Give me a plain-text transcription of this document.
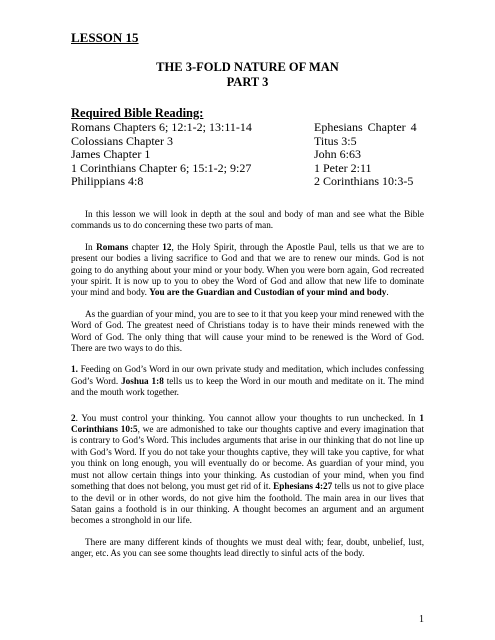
LESSON 15

THE 3-FOLD NATURE OF MAN
PART 3

Required Bible Reading:

Romans Chapters 6; 12:1-2; 13:11-14
Colossians Chapter 3
James Chapter 1
1 Corinthians Chapter 6; 15:1-2; 9:27
Philippians 4:8
Ephesians Chapter 4
Titus 3:5
John 6:63
1 Peter 2:11
2 Corinthians 10:3-5

In this lesson we will look in depth at the soul and body of man and see what the Bible commands us to do concerning these two parts of man.

In Romans chapter 12, the Holy Spirit, through the Apostle Paul, tells us that we are to present our bodies a living sacrifice to God and that we are to renew our minds. God is not going to do anything about your mind or your body. When you were born again, God recreated your spirit. It is now up to you to obey the Word of God and allow that new life to dominate your mind and body. You are the Guardian and Custodian of your mind and body.

As the guardian of your mind, you are to see to it that you keep your mind renewed with the Word of God. The greatest need of Christians today is to have their minds renewed with the Word of God. The only thing that will cause your mind to be renewed is the Word of God. There are two ways to do this.

1. Feeding on God’s Word in our own private study and meditation, which includes confessing God’s Word. Joshua 1:8 tells us to keep the Word in our mouth and meditate on it. The mind and the mouth work together.

2. You must control your thinking. You cannot allow your thoughts to run unchecked. In 1 Corinthians 10:5, we are admonished to take our thoughts captive and every imagination that is contrary to God’s Word. This includes arguments that arise in our thinking that do not line up with God’s Word. If you do not take your thoughts captive, they will take you captive, for what you think on long enough, you will eventually do or become. As guardian of your mind, you must not allow certain things into your thinking. As custodian of your mind, when you find something that does not belong, you must get rid of it. Ephesians 4:27 tells us not to give place to the devil or in other words, do not give him the foothold. The main area in our lives that Satan gains a foothold is in our thinking. A thought becomes an argument and an argument becomes a stronghold in our life.

There are many different kinds of thoughts we must deal with; fear, doubt, unbelief, lust, anger, etc. As you can see some thoughts lead directly to sinful acts of the body.

1
